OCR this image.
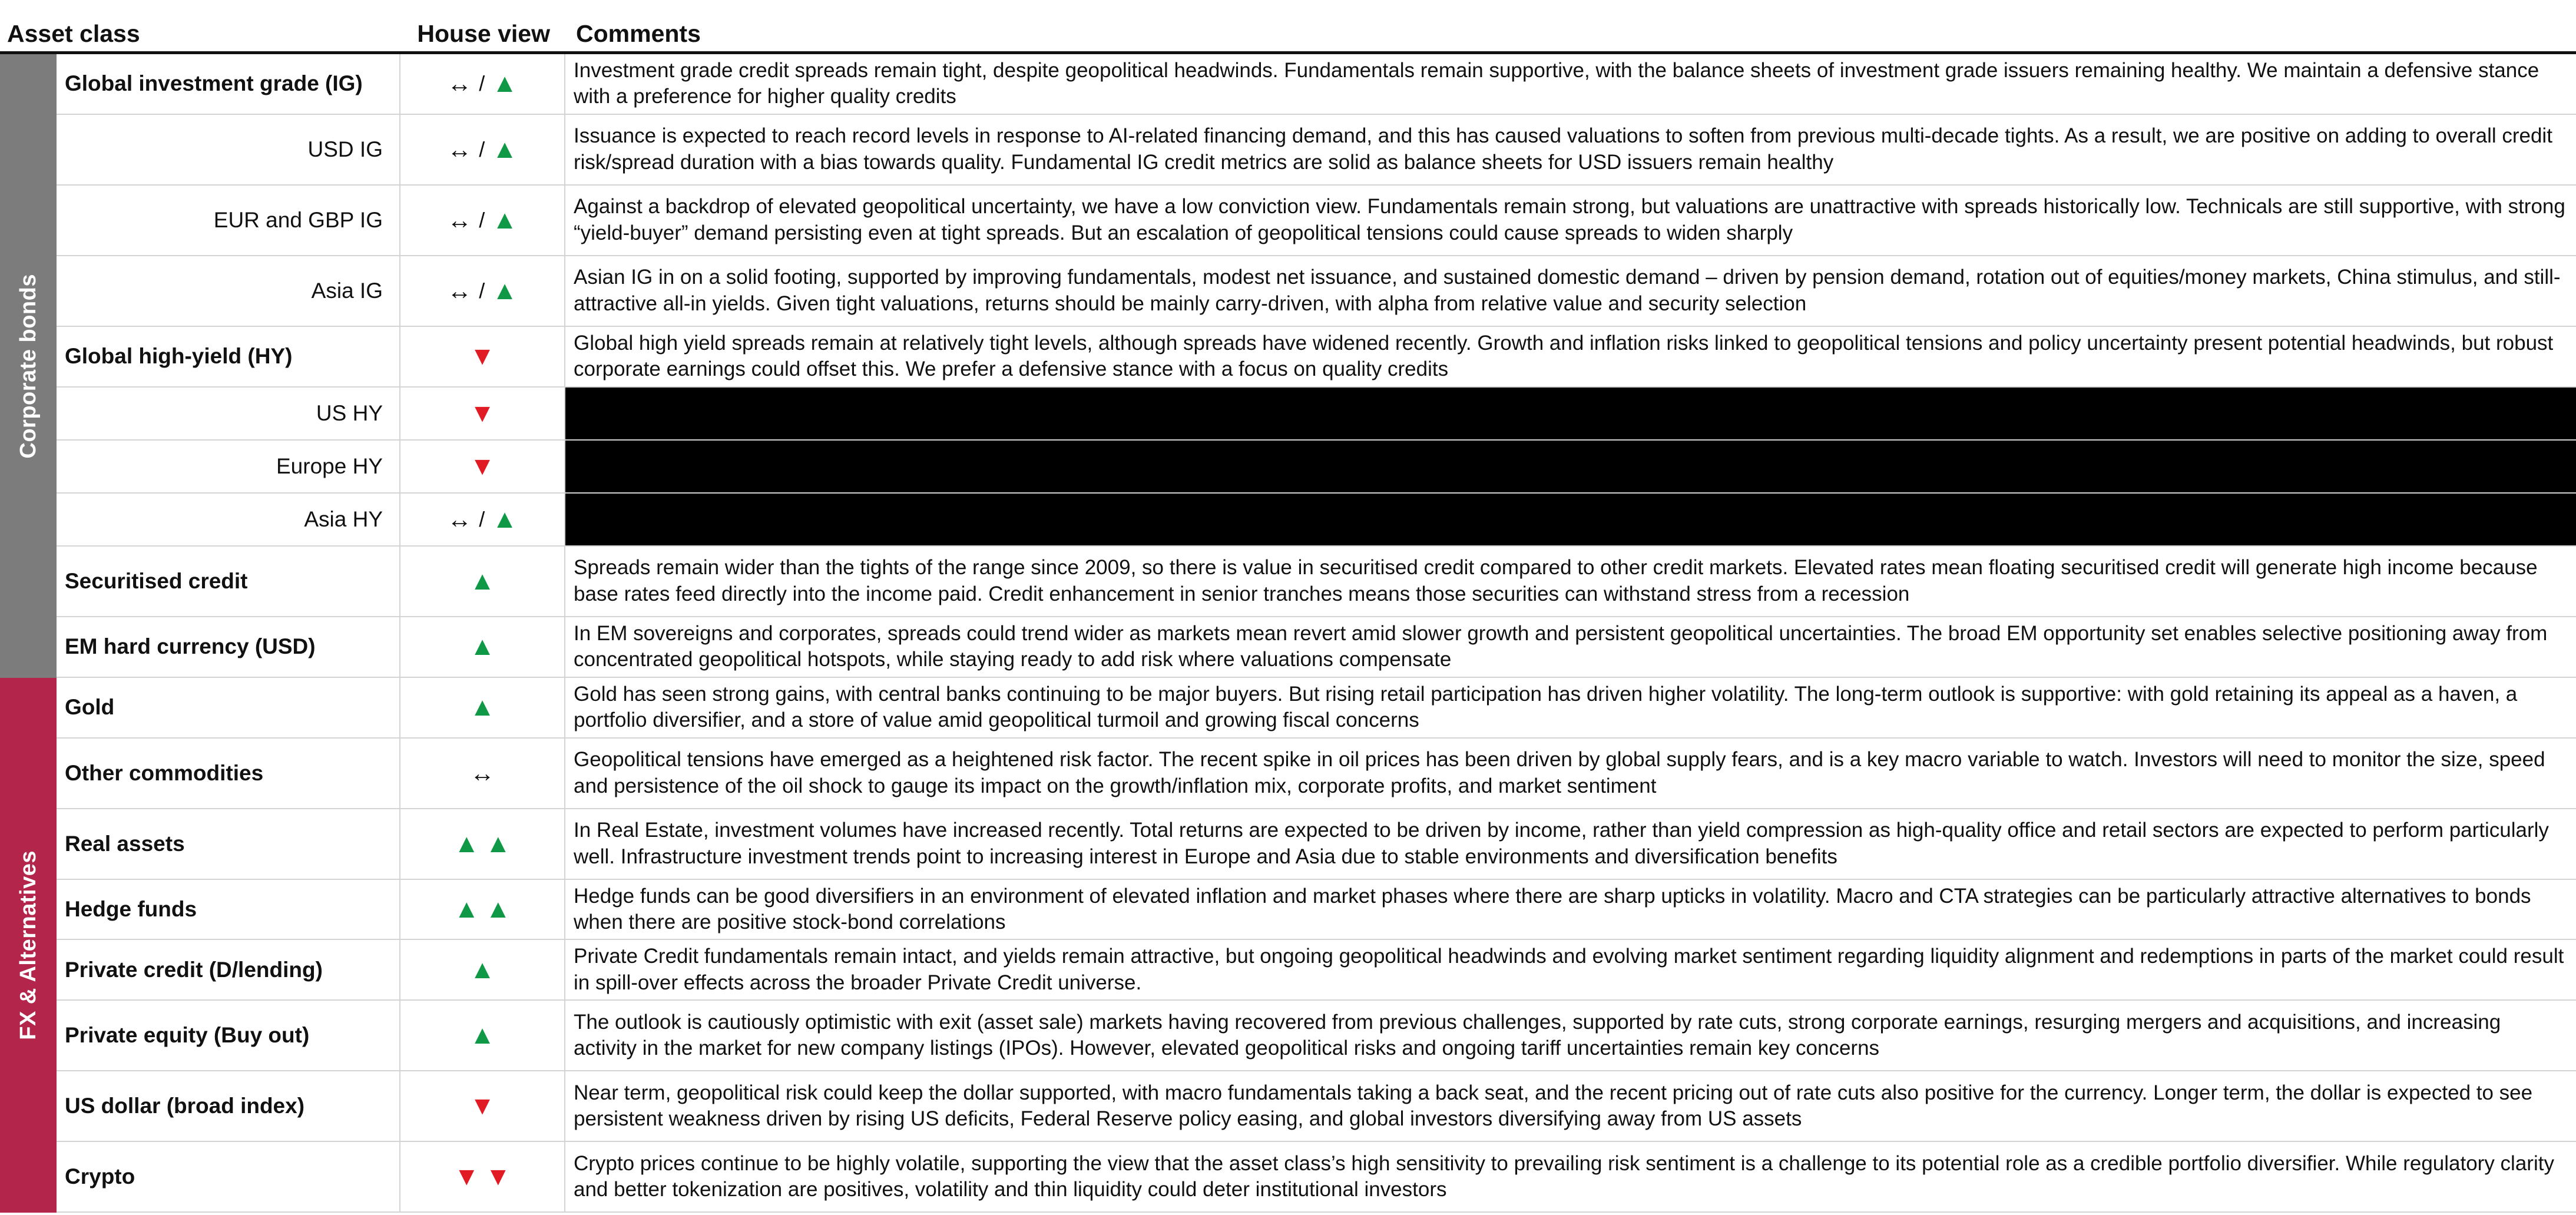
Asset class	House view	Comments
Corporate bonds
FX & Alternatives
Global investment grade (IG)	↔ / ▲	Investment grade credit spreads remain tight, despite geopolitical headwinds. Fundamentals remain supportive, with the balance sheets of investment grade issuers remaining healthy. We maintain a defensive stance with a preference for higher quality credits
USD IG	↔ / ▲	Issuance is expected to reach record levels in response to AI-related financing demand, and this has caused valuations to soften from previous multi-decade tights. As a result, we are positive on adding to overall credit risk/spread duration with a bias towards quality. Fundamental IG credit metrics are solid as balance sheets for USD issuers remain healthy
EUR and GBP IG	↔ / ▲	Against a backdrop of elevated geopolitical uncertainty, we have a low conviction view. Fundamentals remain strong, but valuations are unattractive with spreads historically low. Technicals are still supportive, with strong “yield-buyer” demand persisting even at tight spreads. But an escalation of geopolitical tensions could cause spreads to widen sharply
Asia IG	↔ / ▲	Asian IG in on a solid footing, supported by improving fundamentals, modest net issuance, and sustained domestic demand – driven by pension demand, rotation out of equities/money markets, China stimulus, and still-attractive all-in yields. Given tight valuations, returns should be mainly carry-driven, with alpha from relative value and security selection
Global high-yield (HY)	▼	Global high yield spreads remain at relatively tight levels, although spreads have widened recently. Growth and inflation risks linked to geopolitical tensions and policy uncertainty present potential headwinds, but robust corporate earnings could offset this. We prefer a defensive stance with a focus on quality credits
US HY	▼
Europe HY	▼
Asia HY	↔ / ▲
Securitised credit	▲	Spreads remain wider than the tights of the range since 2009, so there is value in securitised credit compared to other credit markets. Elevated rates mean floating securitised credit will generate high income because base rates feed directly into the income paid. Credit enhancement in senior tranches means those securities can withstand stress from a recession
EM hard currency (USD)	▲	In EM sovereigns and corporates, spreads could trend wider as markets mean revert amid slower growth and persistent geopolitical uncertainties. The broad EM opportunity set enables selective positioning away from concentrated geopolitical hotspots, while staying ready to add risk where valuations compensate
Gold	▲	Gold has seen strong gains, with central banks continuing to be major buyers. But rising retail participation has driven higher volatility. The long-term outlook is supportive: with gold retaining its appeal as a haven, a portfolio diversifier, and a store of value amid geopolitical turmoil and growing fiscal concerns
Other commodities	↔	Geopolitical tensions have emerged as a heightened risk factor. The recent spike in oil prices has been driven by global supply fears, and is a key macro variable to watch. Investors will need to monitor the size, speed and persistence of the oil shock to gauge its impact on the growth/inflation mix, corporate profits, and market sentiment
Real assets	▲ ▲	In Real Estate, investment volumes have increased recently. Total returns are expected to be driven by income, rather than yield compression as high-quality office and retail sectors are expected to perform particularly well. Infrastructure investment trends point to increasing interest in Europe and Asia due to stable environments and diversification benefits
Hedge funds	▲ ▲	Hedge funds can be good diversifiers in an environment of elevated inflation and market phases where there are sharp upticks in volatility. Macro and CTA strategies can be particularly attractive alternatives to bonds when there are positive stock-bond correlations
Private credit (D/lending)	▲	Private Credit fundamentals remain intact, and yields remain attractive, but ongoing geopolitical headwinds and evolving market sentiment regarding liquidity alignment and redemptions in parts of the market could result in spill-over effects across the broader Private Credit universe.
Private equity (Buy out)	▲	The outlook is cautiously optimistic with exit (asset sale) markets having recovered from previous challenges, supported by rate cuts, strong corporate earnings, resurging mergers and acquisitions, and increasing activity in the market for new company listings (IPOs). However, elevated geopolitical risks and ongoing tariff uncertainties remain key concerns
US dollar (broad index)	▼	Near term, geopolitical risk could keep the dollar supported, with macro fundamentals taking a back seat, and the recent pricing out of rate cuts also positive for the currency. Longer term, the dollar is expected to see persistent weakness driven by rising US deficits, Federal Reserve policy easing, and global investors diversifying away from US assets
Crypto	▼ ▼	Crypto prices continue to be highly volatile, supporting the view that the asset class’s high sensitivity to prevailing risk sentiment is a challenge to its potential role as a credible portfolio diversifier. While regulatory clarity and better tokenization are positives, volatility and thin liquidity could deter institutional investors
